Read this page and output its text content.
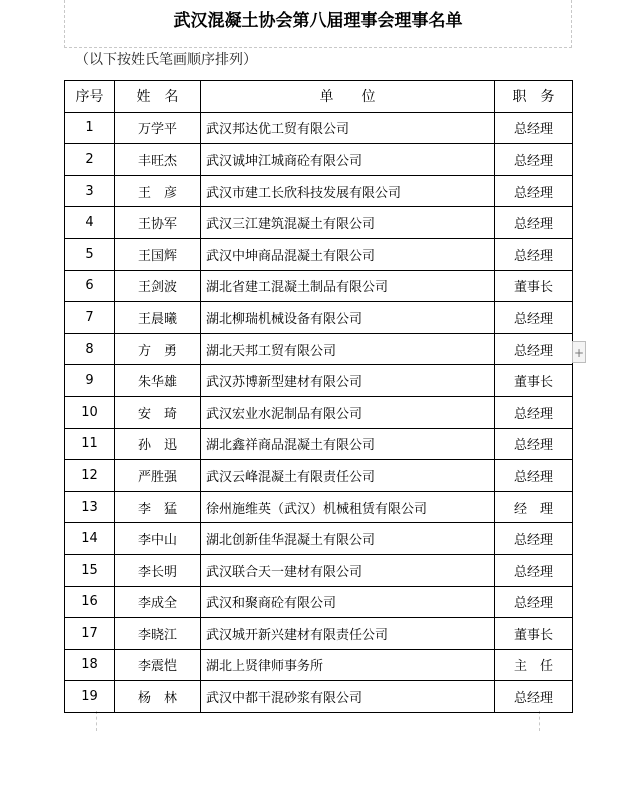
武汉混凝土协会第八届理事会理事名单
（以下按姓氏笔画顺序排列）
序号	姓　名	单　　位	职　务
1	万学平	武汉邦达优工贸有限公司	总经理
2	丰旺杰	武汉诚坤江城商砼有限公司	总经理
3	王　彦	武汉市建工长欣科技发展有限公司	总经理
4	王协军	武汉三江建筑混凝土有限公司	总经理
5	王国辉	武汉中坤商品混凝土有限公司	总经理
6	王剑波	湖北省建工混凝土制品有限公司	董事长
7	王晨曦	湖北柳瑞机械设备有限公司	总经理
8	方　勇	湖北天邦工贸有限公司	总经理
9	朱华雄	武汉苏博新型建材有限公司	董事长
10	安　琦	武汉宏业水泥制品有限公司	总经理
11	孙　迅	湖北鑫祥商品混凝土有限公司	总经理
12	严胜强	武汉云峰混凝土有限责任公司	总经理
13	李　猛	徐州施维英（武汉）机械租赁有限公司	经　理
14	李中山	湖北创新佳华混凝土有限公司	总经理
15	李长明	武汉联合天一建材有限公司	总经理
16	李成全	武汉和聚商砼有限公司	总经理
17	李晓江	武汉城开新兴建材有限责任公司	董事长
18	李震恺	湖北上贤律师事务所	主　任
19	杨　林	武汉中都干混砂浆有限公司	总经理
+
